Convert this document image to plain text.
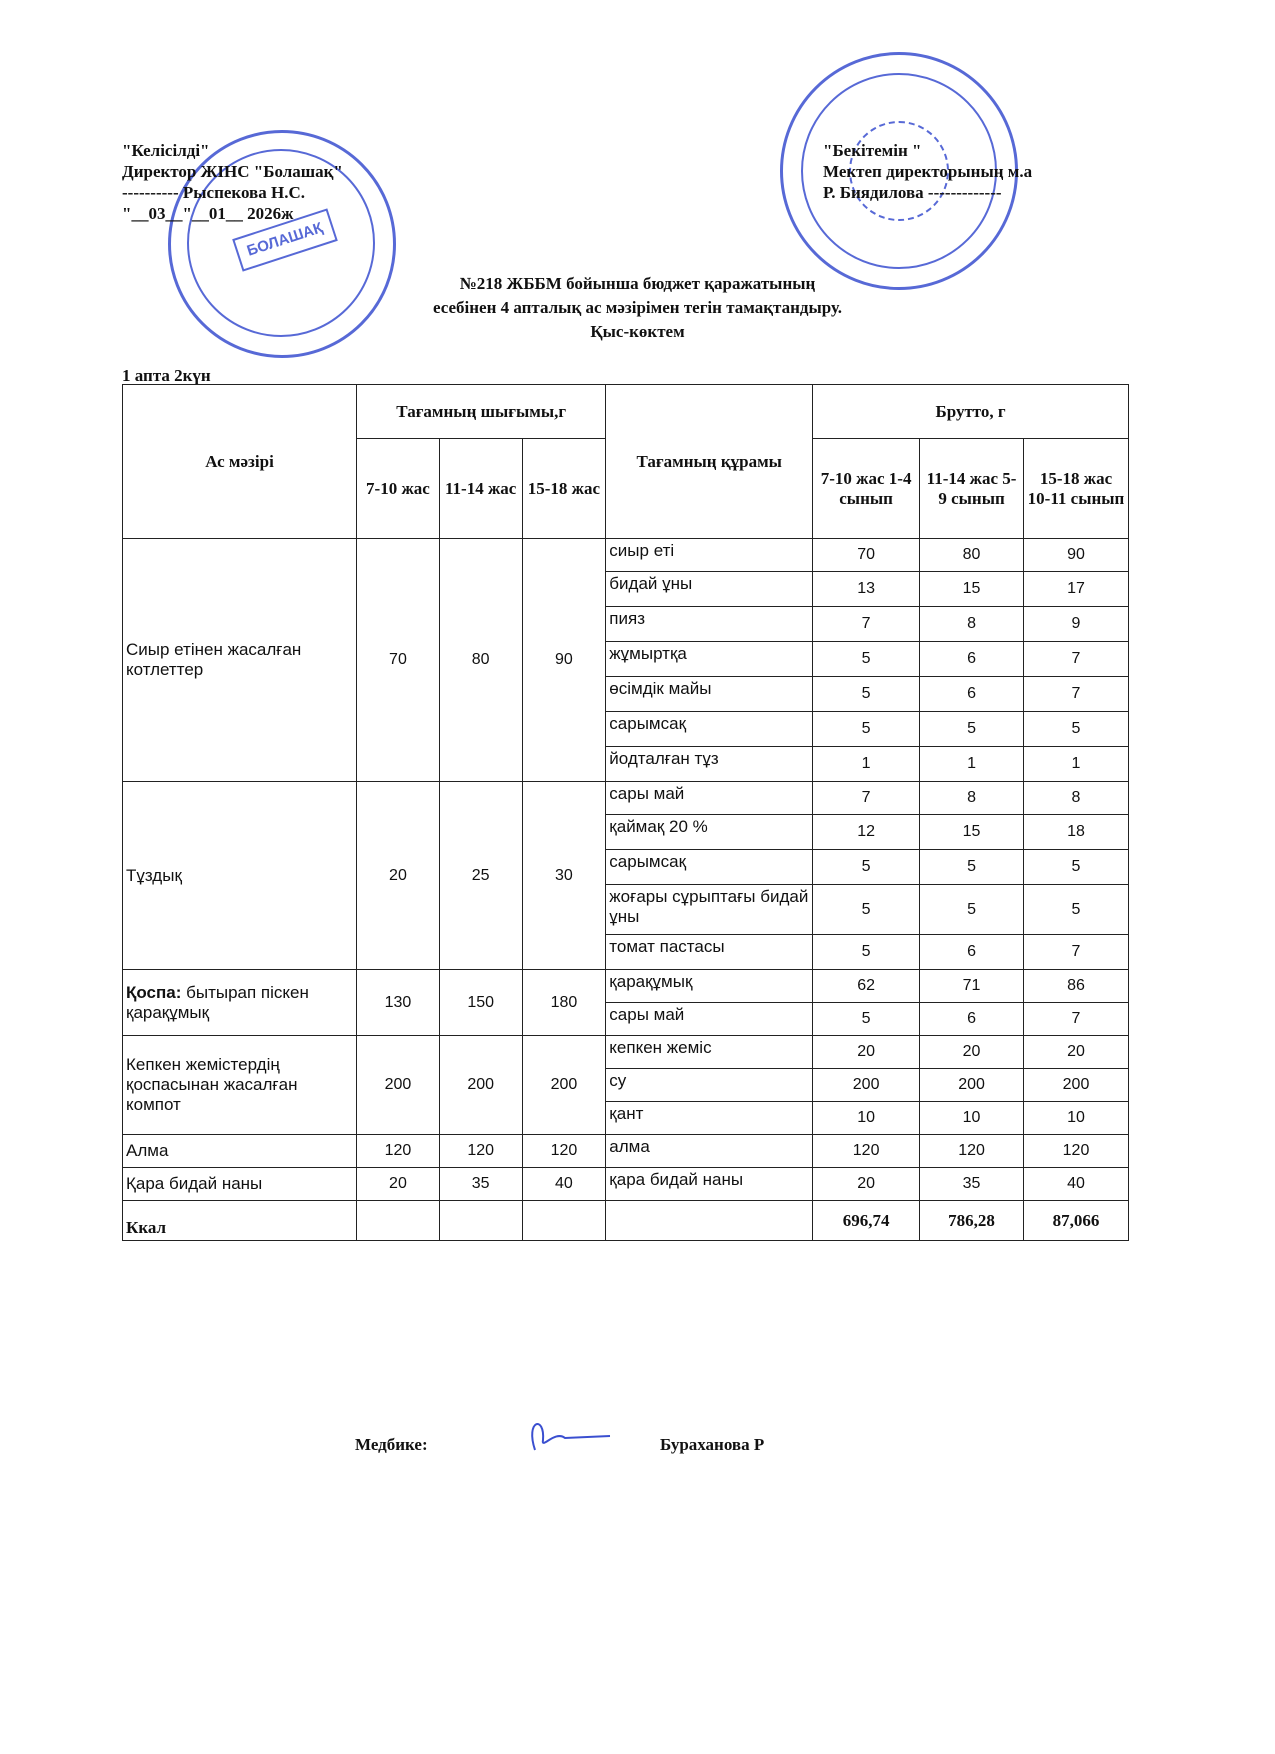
БОЛАШАҚ
"Келісілді"
Директор ЖІНС "Болашақ"
---------- Рыспекова Н.С.
"__03__"__01__ 2026ж
"Бекітемін "
Мектеп директорының м.а
Р. Биядилова -------------
№218 ЖББМ бойынша бюджет қаражатының
есебінен 4 апталық ас мәзірімен тегін тамақтандыру.
Қыс-көктем
1 апта 2күн
Ас мәзірі	Тағамның шығымы,г			Тағамның құрамы	Брутто, г		
	7-10 жас	11-14 жас	15-18 жас		7-10 жас 1-4 сынып	11-14 жас 5-9 сынып	15-18 жас 10-11 сынып
Сиыр етінен жасалған котлеттер	70	80	90	сиыр еті	70	80	90
				бидай ұны	13	15	17
				пияз	7	8	9
				жұмыртқа	5	6	7
				өсімдік майы	5	6	7
				сарымсақ	5	5	5
				йодталған тұз	1	1	1
Тұздық	20	25	30	сары май	7	8	8
				қаймақ 20 %	12	15	18
				сарымсақ	5	5	5
				жоғары сұрыптағы бидай ұны	5	5	5
				томат пастасы	5	6	7
Қоспа: бытырап піскен қарақұмық	130	150	180	қарақұмық	62	71	86
				сары май	5	6	7
Кепкен жемістердің қоспасынан жасалған компот	200	200	200	кепкен жеміс	20	20	20
				су	200	200	200
				қант	10	10	10
Алма	120	120	120	алма	120	120	120
Қара бидай наны	20	35	40	қара бидай наны	20	35	40
Ккал					696,74	786,28	87,066
Медбике:	Бураханова Р
